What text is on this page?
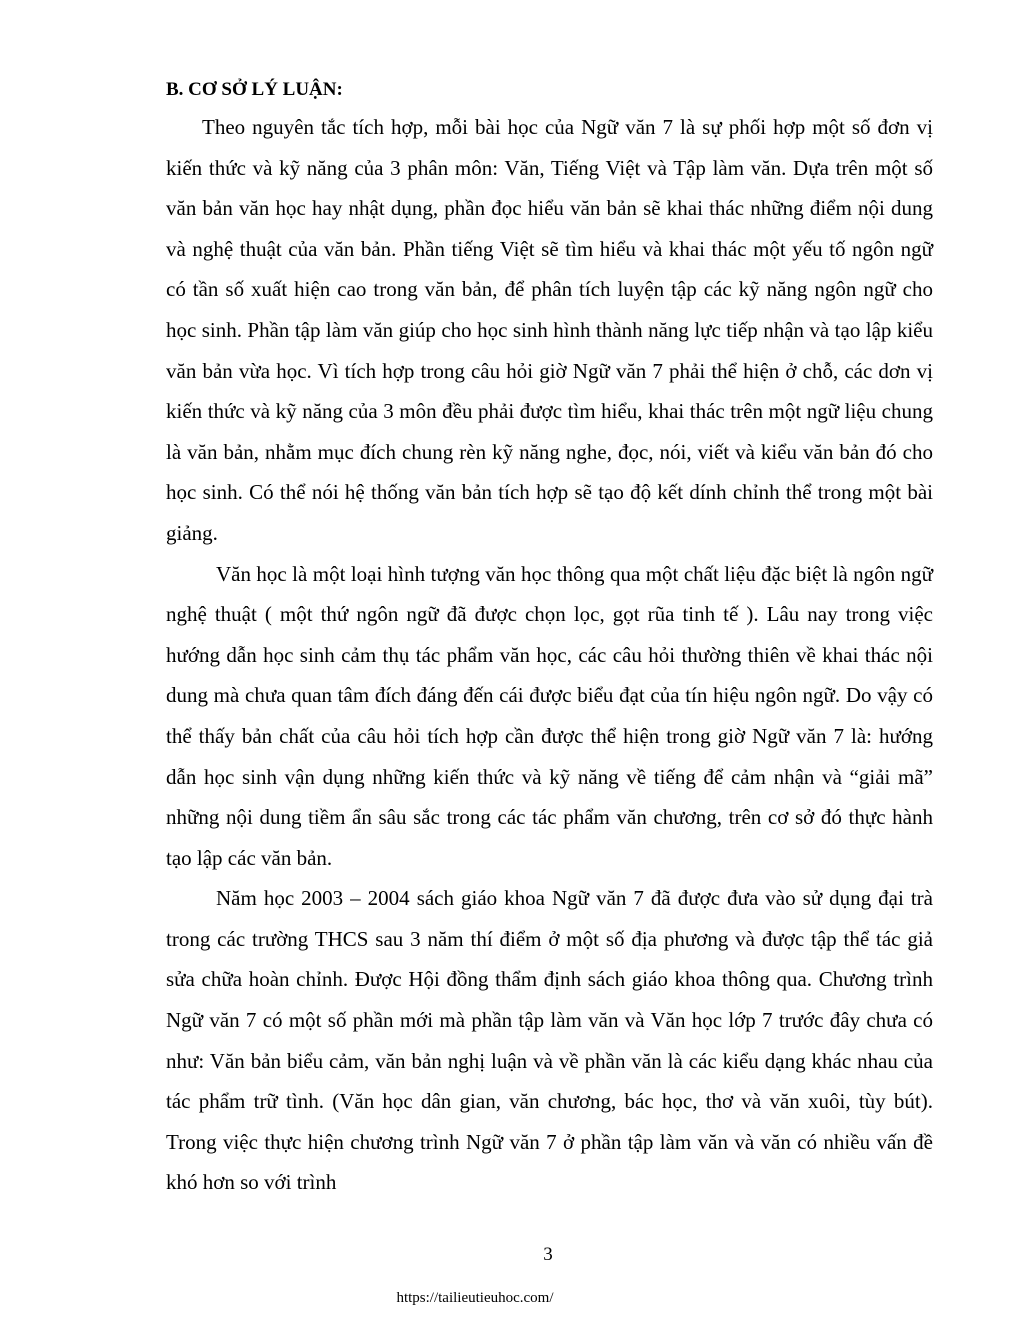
B. CƠ SỞ LÝ LUẬN:

Theo nguyên tắc tích hợp, mỗi bài học của Ngữ văn 7 là sự phối hợp một số đơn vị kiến thức và kỹ năng của 3 phân môn: Văn, Tiếng Việt và Tập làm văn. Dựa trên một số văn bản văn học hay nhật dụng, phần đọc hiểu văn bản sẽ khai thác những điểm nội dung và nghệ thuật của văn bản. Phần tiếng Việt sẽ tìm hiểu và khai thác một yếu tố ngôn ngữ có tần số xuất hiện cao trong văn bản, để phân tích luyện tập các kỹ năng ngôn ngữ cho học sinh. Phần tập làm văn giúp cho học sinh hình thành năng lực tiếp nhận và tạo lập kiểu văn bản vừa học. Vì tích hợp trong câu hỏi giờ Ngữ văn 7 phải thể hiện ở chỗ, các dơn vị kiến thức và kỹ năng của 3 môn đều phải được tìm hiểu, khai thác trên một ngữ liệu chung là văn bản, nhằm mục đích chung rèn kỹ năng nghe, đọc, nói, viết và kiểu văn bản đó cho học sinh. Có thể nói hệ thống văn bản tích hợp sẽ tạo độ kết dính chỉnh thể trong một bài giảng.

Văn học là một loại hình tượng văn học thông qua một chất liệu đặc biệt là ngôn ngữ nghệ thuật ( một thứ ngôn ngữ đã được chọn lọc, gọt rũa tinh tế ). Lâu nay trong việc hướng dẫn học sinh cảm thụ tác phẩm văn học, các câu hỏi thường thiên về khai thác nội dung mà chưa quan tâm đích đáng đến cái được biểu đạt của tín hiệu ngôn ngữ. Do vậy có thể thấy bản chất của câu hỏi tích hợp cần được thể hiện trong giờ Ngữ văn 7 là: hướng dẫn học sinh vận dụng những kiến thức và kỹ năng về tiếng để cảm nhận và “giải mã” những nội dung tiềm ẩn sâu sắc trong các tác phẩm văn chương, trên cơ sở đó thực hành tạo lập các văn bản.

Năm học 2003 – 2004 sách giáo khoa Ngữ văn 7 đã được đưa vào sử dụng đại trà trong các trường THCS sau 3 năm thí điểm ở một số địa phương và được tập thể tác giả sửa chữa hoàn chỉnh. Được Hội đồng thẩm định sách giáo khoa thông qua. Chương trình Ngữ văn 7 có một số phần mới mà phần tập làm văn và Văn học lớp 7 trước đây chưa có như: Văn bản biểu cảm, văn bản nghị luận và về phần văn là các kiểu dạng khác nhau của tác phẩm trữ tình. (Văn học dân gian, văn chương, bác học, thơ và văn xuôi, tùy bút). Trong việc thực hiện chương trình Ngữ văn 7 ở phần tập làm văn và văn có nhiều vấn đề khó hơn so với trình

3

https://tailieutieuhoc.com/
